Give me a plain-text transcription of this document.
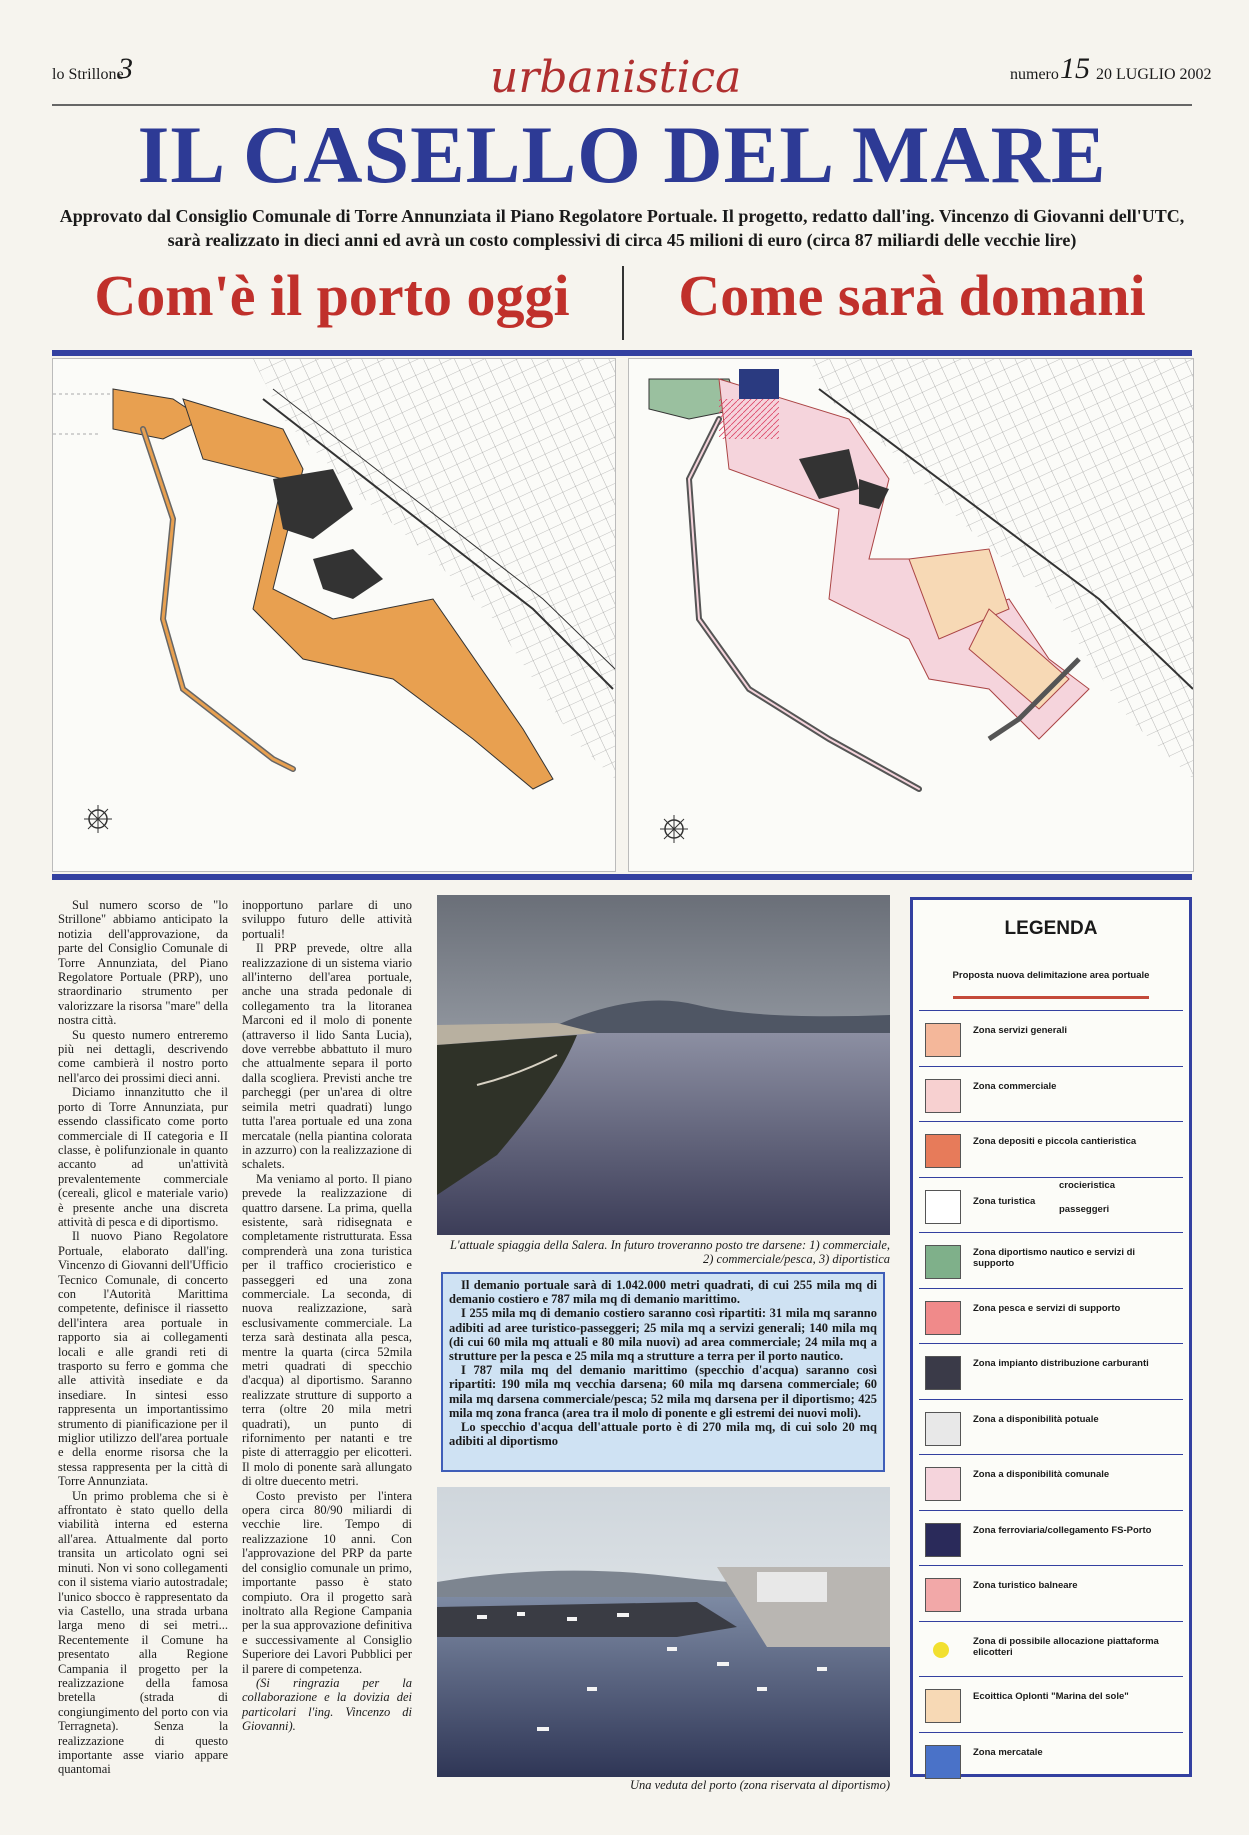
lo Strillone
3	urbanistica	numero 15 20 LUGLIO 2002
IL CASELLO DEL MARE
Approvato dal Consiglio Comunale di Torre Annunziata il Piano Regolatore Portuale. Il progetto, redatto dall'ing. Vincenzo di Giovanni dell'UTC, sarà realizzato in dieci anni ed avrà un costo complessivi di circa 45 milioni di euro (circa 87 miliardi delle vecchie lire)
Com'è il porto oggi	Come sarà domani

Sul numero scorso de "lo Strillone" abbiamo anticipato la notizia dell'approvazione, da parte del Consiglio Comunale di Torre Annunziata, del Piano Regolatore Portuale (PRP), uno straordinario strumento per valorizzare la risorsa "mare" della nostra città.

Su questo numero entreremo più nei dettagli, descrivendo come cambierà il nostro porto nell'arco dei prossimi dieci anni.

Diciamo innanzitutto che il porto di Torre Annunziata, pur essendo classificato come porto commerciale di II categoria e II classe, è polifunzionale in quanto accanto ad un'attività prevalentemente commerciale (cereali, glicol e materiale vario) è presente anche una discreta attività di pesca e di diportismo.

Il nuovo Piano Regolatore Portuale, elaborato dall'ing. Vincenzo di Giovanni dell'Ufficio Tecnico Comunale, di concerto con l'Autorità Marittima competente, definisce il riassetto dell'intera area portuale in rapporto sia ai collegamenti locali e alle grandi reti di trasporto su ferro e gomma che alle attività insediate e da insediare. In sintesi esso rappresenta un importantissimo strumento di pianificazione per il miglior utilizzo dell'area portuale e della enorme risorsa che la stessa rappresenta per la città di Torre Annunziata.

Un primo problema che si è affrontato è stato quello della viabilità interna ed esterna all'area. Attualmente dal porto transita un articolato ogni sei minuti. Non vi sono collegamenti con il sistema viario autostradale; l'unico sbocco è rappresentato da via Castello, una strada urbana larga meno di sei metri... Recentemente il Comune ha presentato alla Regione Campania il progetto per la realizzazione della famosa bretella (strada di congiungimento del porto con via Terragneta). Senza la realizzazione di questo importante asse viario appare quantomai

inopportuno parlare di uno sviluppo futuro delle attività portuali!

Il PRP prevede, oltre alla realizzazione di un sistema viario all'interno dell'area portuale, anche una strada pedonale di collegamento tra la litoranea Marconi ed il molo di ponente (attraverso il lido Santa Lucia), dove verrebbe abbattuto il muro che attualmente separa il porto dalla scogliera. Previsti anche tre parcheggi (per un'area di oltre seimila metri quadrati) lungo tutta l'area portuale ed una zona mercatale (nella piantina colorata in azzurro) con la realizzazione di schalets.

Ma veniamo al porto. Il piano prevede la realizzazione di quattro darsene. La prima, quella esistente, sarà ridisegnata e completamente ristrutturata. Essa comprenderà una zona turistica per il traffico crocieristico e passeggeri ed una zona commerciale. La seconda, di nuova realizzazione, sarà esclusivamente commerciale. La terza sarà destinata alla pesca, mentre la quarta (circa 52mila metri quadrati di specchio d'acqua) al diportismo. Saranno realizzate strutture di supporto a terra (oltre 20 mila metri quadrati), un punto di rifornimento per natanti e tre piste di atterraggio per elicotteri. Il molo di ponente sarà allungato di oltre duecento metri.

Costo previsto per l'intera opera circa 80/90 miliardi di vecchie lire. Tempo di realizzazione 10 anni. Con l'approvazione del PRP da parte del consiglio comunale un primo, importante passo è stato compiuto. Ora il progetto sarà inoltrato alla Regione Campania per la sua approvazione definitiva e successivamente al Consiglio Superiore dei Lavori Pubblici per il parere di competenza.

(Si ringrazia per la collaborazione e la dovizia dei particolari l'ing. Vincenzo di Giovanni).

L'attuale spiaggia della Salera. In futuro troveranno posto tre darsene: 1) commerciale, 2) commerciale/pesca, 3) diportistica

Il demanio portuale sarà di 1.042.000 metri quadrati, di cui 255 mila mq di demanio costiero e 787 mila mq di demanio marittimo.

I 255 mila mq di demanio costiero saranno così ripartiti: 31 mila mq saranno adibiti ad aree turistico-passeggeri; 25 mila mq a servizi generali; 140 mila mq (di cui 60 mila mq attuali e 80 mila nuovi) ad area commerciale; 24 mila mq a strutture per la pesca e 25 mila mq a strutture a terra per il porto nautico.

I 787 mila mq del demanio marittimo (specchio d'acqua) saranno così ripartiti: 190 mila mq vecchia darsena; 60 mila mq darsena commerciale; 60 mila mq darsena commerciale/pesca; 52 mila mq darsena per il diportismo; 425 mila mq zona franca (area tra il molo di ponente e gli estremi dei nuovi moli).

Lo specchio d'acqua dell'attuale porto è di 270 mila mq, di cui solo 20 mq adibiti al diportismo

Una veduta del porto (zona riservata al diportismo)
LEGENDA
Proposta nuova delimitazione area portuale
Zona servizi generali
Zona commerciale
Zona depositi e piccola cantieristica
Zona turistica
crocieristica
passeggeri
Zona diportismo nautico e servizi di supporto
Zona pesca e servizi di supporto
Zona impianto distribuzione carburanti
Zona a disponibilità potuale
Zona a disponibilità comunale
Zona ferroviaria/collegamento FS-Porto
Zona turistico balneare
Zona di possibile allocazione piattaforma elicotteri
Ecoittica Oplonti "Marina del sole"
Zona mercatale
